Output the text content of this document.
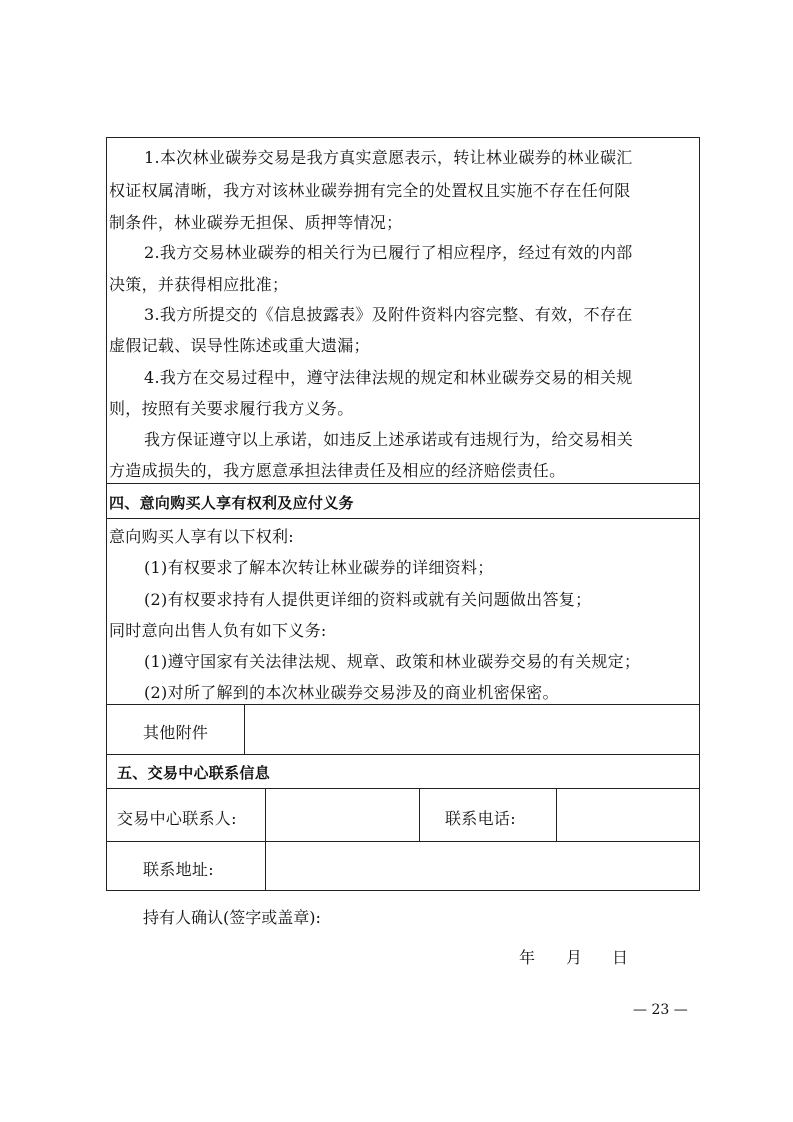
1.本次林业碳券交易是我方真实意愿表示，转让林业碳券的林业碳汇
权证权属清晰，我方对该林业碳券拥有完全的处置权且实施不存在任何限
制条件，林业碳券无担保、质押等情况；
2.我方交易林业碳券的相关行为已履行了相应程序，经过有效的内部
决策，并获得相应批准；
3.我方所提交的《信息披露表》及附件资料内容完整、有效，不存在
虚假记载、误导性陈述或重大遗漏；
4.我方在交易过程中，遵守法律法规的规定和林业碳券交易的相关规
则，按照有关要求履行我方义务。
我方保证遵守以上承诺，如违反上述承诺或有违规行为，给交易相关
方造成损失的，我方愿意承担法律责任及相应的经济赔偿责任。
四、意向购买人享有权利及应付义务
意向购买人享有以下权利:
(1)有权要求了解本次转让林业碳券的详细资料；
(2)有权要求持有人提供更详细的资料或就有关问题做出答复；
同时意向出售人负有如下义务:
(1)遵守国家有关法律法规、规章、政策和林业碳券交易的有关规定；
(2)对所了解到的本次林业碳券交易涉及的商业机密保密。
其他附件
五、交易中心联系信息
交易中心联系人:	联系电话:
联系地址:
持有人确认(签字或盖章):
年 月 日
— 23 —
